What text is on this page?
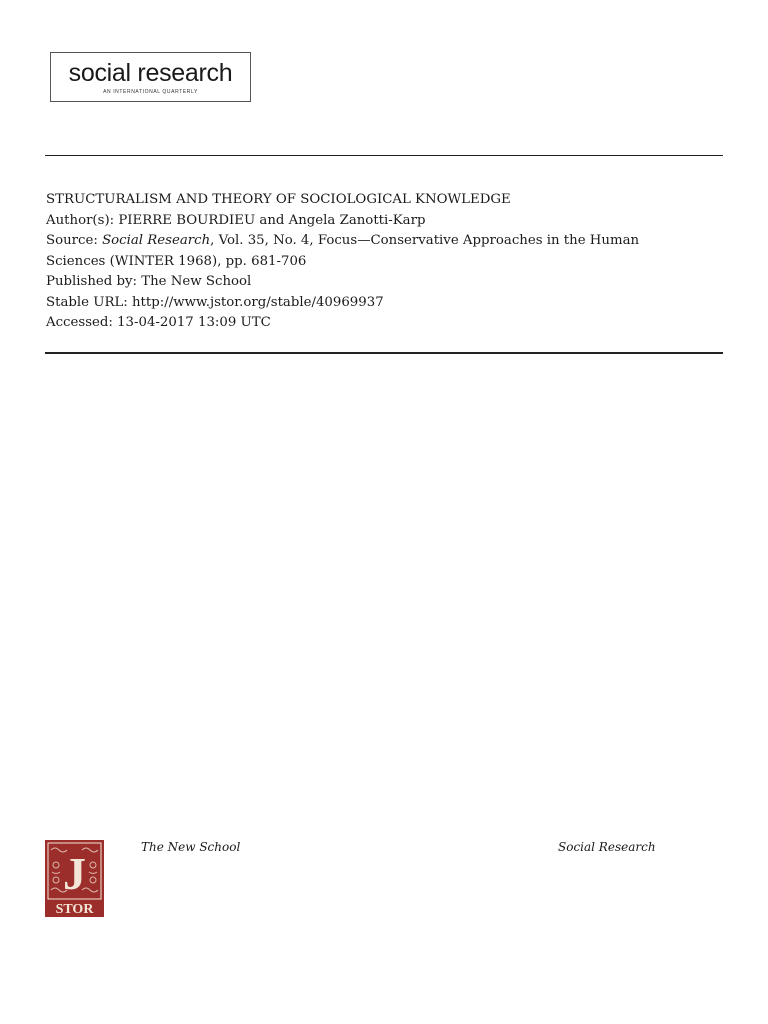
social research
AN INTERNATIONAL QUARTERLY
STRUCTURALISM AND THEORY OF SOCIOLOGICAL KNOWLEDGE
Author(s): PIERRE BOURDIEU and Angela Zanotti-Karp
Source: Social Research, Vol. 35, No. 4, Focus—Conservative Approaches in the Human
Sciences (WINTER 1968), pp. 681-706
Published by: The New School
Stable URL: http://www.jstor.org/stable/40969937
Accessed: 13-04-2017 13:09 UTC
J
STOR
The New School	Social Research
